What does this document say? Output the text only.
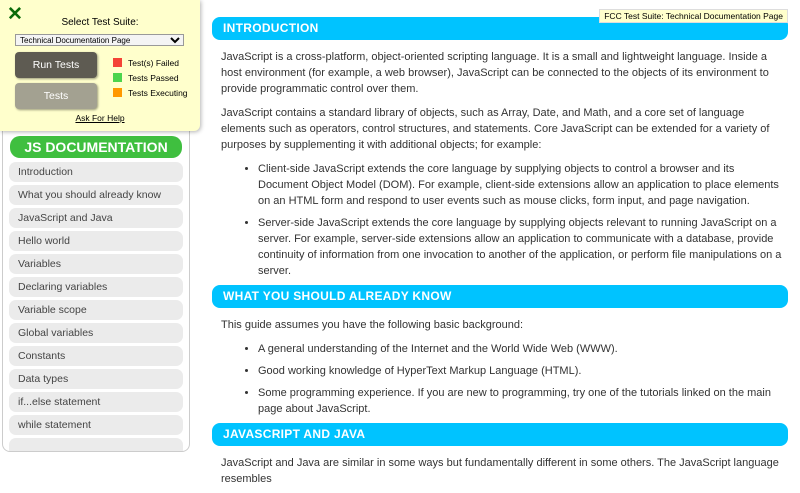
JS DOCUMENTATION
Introduction
What you should already know
JavaScript and Java
Hello world
Variables
Declaring variables
Variable scope
Global variables
Constants
Data types
if...else statement
while statement
INTRODUCTION

JavaScript is a cross-platform, object-oriented scripting language. It is a small and lightweight language. Inside a host environment (for example, a web browser), JavaScript can be connected to the objects of its environment to provide programmatic control over them.

JavaScript contains a standard library of objects, such as Array, Date, and Math, and a core set of language elements such as operators, control structures, and statements. Core JavaScript can be extended for a variety of purposes by supplementing it with additional objects; for example:

• Client-side JavaScript extends the core language by supplying objects to control a browser and its Document Object Model (DOM). For example, client-side extensions allow an application to place elements on an HTML form and respond to user events such as mouse clicks, form input, and page navigation.
• Server-side JavaScript extends the core language by supplying objects relevant to running JavaScript on a server. For example, server-side extensions allow an application to communicate with a database, provide continuity of information from one invocation to another of the application, or perform file manipulations on a server.
WHAT YOU SHOULD ALREADY KNOW

This guide assumes you have the following basic background:

• A general understanding of the Internet and the World Wide Web (WWW).
• Good working knowledge of HyperText Markup Language (HTML).
• Some programming experience. If you are new to programming, try one of the tutorials linked on the main page about JavaScript.
JAVASCRIPT AND JAVA

JavaScript and Java are similar in some ways but fundamentally different in some others. The JavaScript language resembles

✕	Select Test Suite:
Technical Documentation Page
Run Tests
Tests
Test(s) Failed
Tests Passed
Tests Executing
Ask For Help
FCC Test Suite: Technical Documentation Page
